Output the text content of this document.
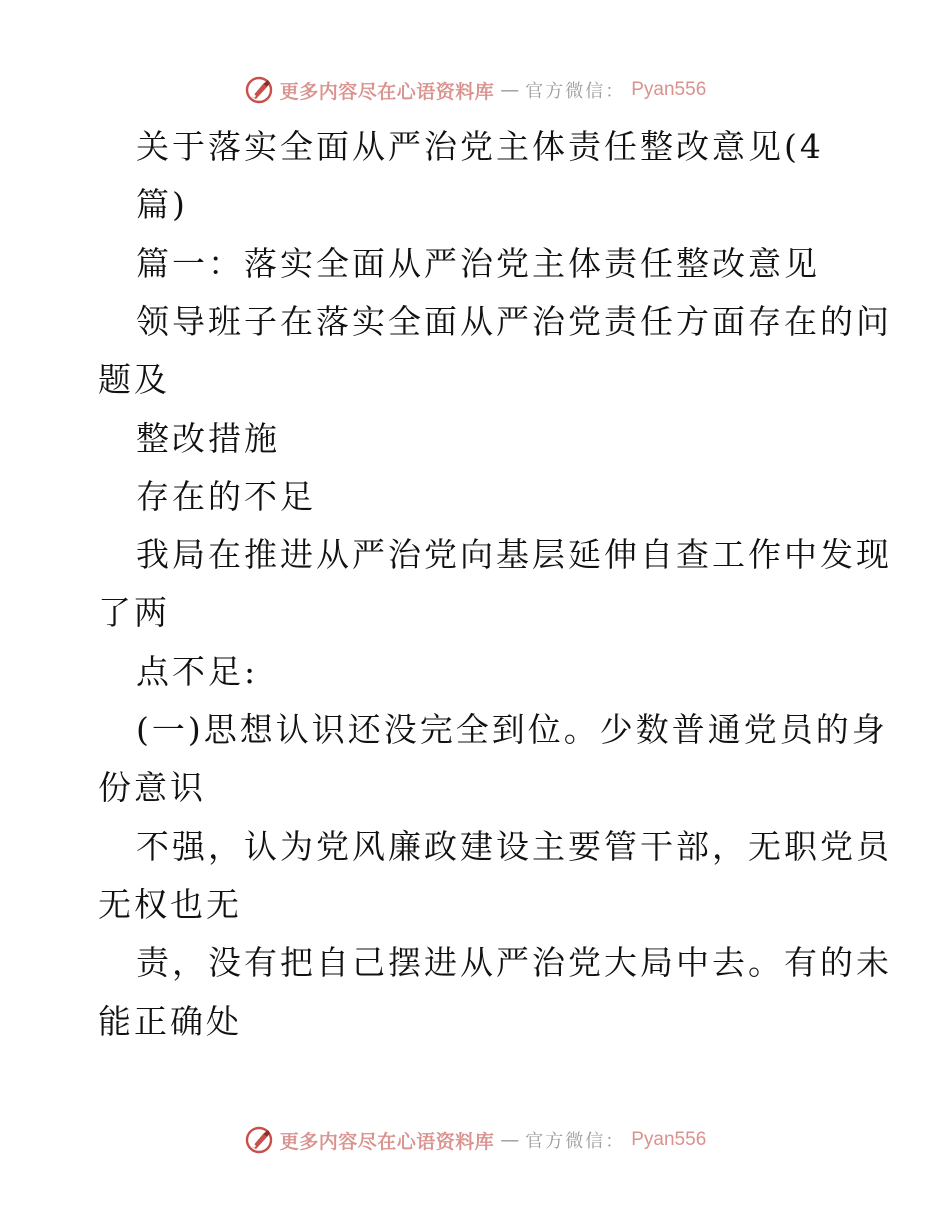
更多内容尽在心语资料库 — 官方微信： Pyan556
关于落实全面从严治党主体责任整改意见(4
篇)
篇一：落实全面从严治党主体责任整改意见
领导班子在落实全面从严治党责任方面存在的问
题及
整改措施
存在的不足
我局在推进从严治党向基层延伸自查工作中发现
了两
点不足:
(一)思想认识还没完全到位。少数普通党员的身
份意识
不强，认为党风廉政建设主要管干部，无职党员
无权也无
责，没有把自己摆进从严治党大局中去。有的未
能正确处
更多内容尽在心语资料库 — 官方微信： Pyan556
